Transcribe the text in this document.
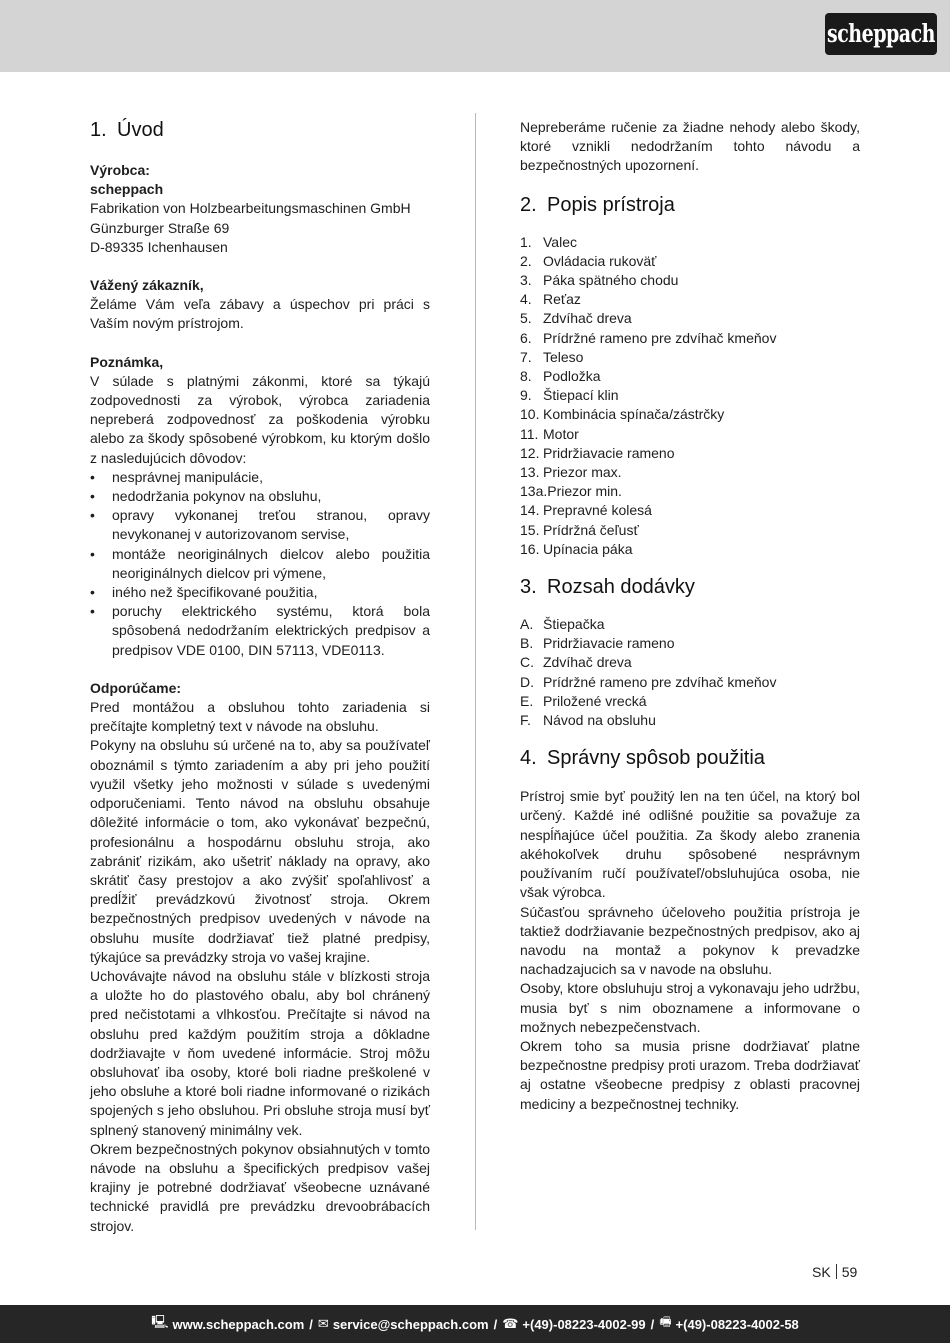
scheppach
1. Úvod

Výrobca:

scheppach

Fabrikation von Holzbearbeitungsmaschinen GmbH

Günzburger Straße 69

D-89335 Ichenhausen

Vážený zákazník,

Želáme Vám veľa zábavy a úspechov pri práci s Vaším novým prístrojom.

Poznámka,

V súlade s platnými zákonmi, ktoré sa týkajú zodpovednosti za výrobok, výrobca zariadenia nepreberá zodpovednosť za poškodenia výrobku alebo za škody spôsobené výrobkom, ku ktorým došlo z nasledujúcich dôvodov:

• nesprávnej manipulácie,
• nedodržania pokynov na obsluhu,
• opravy vykonanej treťou stranou, opravy nevykonanej v autorizovanom servise,
• montáže neoriginálnych dielcov alebo použitia neoriginálnych dielcov pri výmene,
• iného než špecifikované použitia,
• poruchy elektrického systému, ktorá bola spôsobená nedodržaním elektrických predpisov a predpisov VDE 0100, DIN 57113, VDE0113.

Odporúčame:

Pred montážou a obsluhou tohto zariadenia si prečítajte kompletný text v návode na obsluhu.

Pokyny na obsluhu sú určené na to, aby sa používateľ oboznámil s týmto zariadením a aby pri jeho použití využil všetky jeho možnosti v súlade s uvedenými odporučeniami. Tento návod na obsluhu obsahuje dôležité informácie o tom, ako vykonávať bezpečnú, profesionálnu a hospodárnu obsluhu stroja, ako zabrániť rizikám, ako ušetriť náklady na opravy, ako skrátiť časy prestojov a ako zvýšiť spoľahlivosť a predĺžiť prevádzkovú životnosť stroja. Okrem bezpečnostných predpisov uvedených v návode na obsluhu musíte dodržiavať tiež platné predpisy, týkajúce sa prevádzky stroja vo vašej krajine.

Uchovávajte návod na obsluhu stále v blízkosti stroja a uložte ho do plastového obalu, aby bol chránený pred nečistotami a vlhkosťou. Prečítajte si návod na obsluhu pred každým použitím stroja a dôkladne dodržiavajte v ňom uvedené informácie. Stroj môžu obsluhovať iba osoby, ktoré boli riadne preškolené v jeho obsluhe a ktoré boli riadne informované o rizikách spojených s jeho obsluhou. Pri obsluhe stroja musí byť splnený stanovený minimálny vek.

Okrem bezpečnostných pokynov obsiahnutých v tomto návode na obsluhu a špecifických predpisov vašej krajiny je potrebné dodržiavať všeobecne uznávané technické pravidlá pre prevádzku drevoobrábacích strojov.

Nepreberáme ručenie za žiadne nehody alebo škody, ktoré vznikli nedodržaním tohto návodu a bezpečnostných upozornení.

2. Popis prístroja
1. Valec
2. Ovládacia rukoväť
3. Páka spätného chodu
4. Reťaz
5. Zdvíhač dreva
6. Prídržné rameno pre zdvíhač kmeňov
7. Teleso
8. Podložka
9. Štiepací klin
10. Kombinácia spínača/zástrčky
11. Motor
12. Pridržiavacie rameno
13. Priezor max.
13a. Priezor min.
14. Prepravné kolesá
15. Prídržná čeľusť
16. Upínacia páka
3. Rozsah dodávky
A. Štiepačka
B. Pridržiavacie rameno
C. Zdvíhač dreva
D. Prídržné rameno pre zdvíhač kmeňov
E. Priložené vrecká
F. Návod na obsluhu
4. Správny spôsob použitia

Prístroj smie byť použitý len na ten účel, na ktorý bol určený. Každé iné odlišné použitie sa považuje za nespĺňajúce účel použitia. Za škody alebo zranenia akéhokoľvek druhu spôsobené nesprávnym používaním ručí používateľ/obsluhujúca osoba, nie však výrobca.

Súčasťou správneho účeloveho použitia prístroja je taktiež dodržiavanie bezpečnostných predpisov, ako aj navodu na montaž a pokynov k prevadzke nachadzajucich sa v navode na obsluhu.

Osoby, ktore obsluhuju stroj a vykonavaju jeho udržbu, musia byť s nim oboznamene a informovane o možnych nebezpečenstvach.

Okrem toho sa musia prisne dodržiavať platne bezpečnostne predpisy proti urazom. Treba dodržiavať aj ostatne všeobecne predpisy z oblasti pracovnej mediciny a bezpečnostnej techniky.

SK 59
🖳 www.scheppach.com / ✉ service@scheppach.com / ☎ +(49)-08223-4002-99 / 🖷 +(49)-08223-4002-58
